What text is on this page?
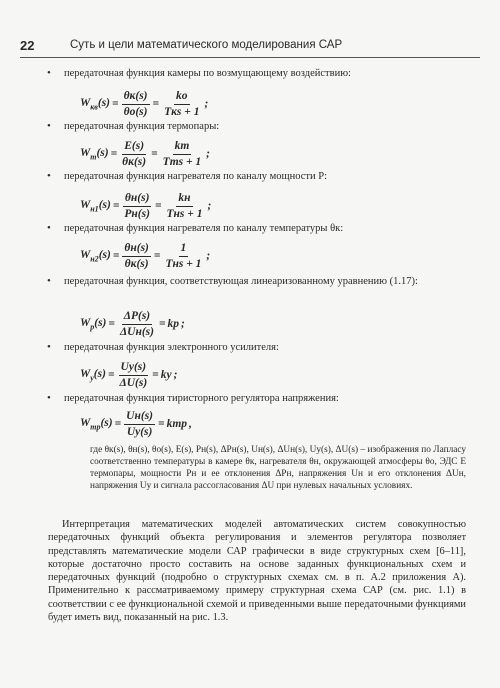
22	Суть и цели математического моделирования САР
• передаточная функция камеры по возмущающему воздействию:
$W_{кв}(s) = \frac{\theta к(s)}{\theta о(s)} = \frac{kо}{\text{Tкs + 1}}$ ;
• передаточная функция термопары:
$W_т(s) = \frac{E(s)}{\theta к(s)} = \frac{kт}{\text{Tтs + 1}}$ ;
• передаточная функция нагревателя по каналу мощности P:
$W_{н1}(s) = \frac{\theta н(s)}{Pн(s)} = \frac{kн}{\text{Tнs + 1}}$ ;
• передаточная функция нагревателя по каналу температуры θк:
$W_{н2}(s) = \frac{\theta н(s)}{\theta к(s)} = \frac{1}{\text{Tнs + 1}}$ ;
• передаточная функция, соответствующая линеаризованному уравнению (1.17):
$W_р(s) = \frac{\Delta P(s)}{\text{ΔUн(s)}}$ = kр ;
• передаточная функция электронного усилителя:
$W_у(s) = \frac{Uу(s)}{\Delta U(s)}$ = kу ;
• передаточная функция тиристорного регулятора напряжения:
$W_{тр}(s) = \frac{Uн(s)}{Uу(s)}$ = kтр ,
где θк(s), θн(s), θо(s), E(s), Pн(s), ΔPн(s), Uн(s), ΔUн(s), Uу(s), ΔU(s) – изображения по Лапласу соответственно температуры в камере θк, нагревателя θн, окружающей атмосферы θо, ЭДС E термопары, мощности Pн и ее отклонения ΔPн, напряжения Uн и его отклонения ΔUн, напряжения Uу и сигнала рассогласования ΔU при нулевых начальных условиях.
Интерпретация математических моделей автоматических систем совокупностью передаточных функций объекта регулирования и элементов регулятора позволяет представлять математические модели САР графически в виде структурных схем [6–11], которые достаточно просто составить на основе заданных функциональных схем и передаточных функций (подробно о структурных схемах см. в п. А.2 приложения А). Применительно к рассматриваемому примеру структурная схема САР (см. рис. 1.1) в соответствии с ее функциональной схемой и приведенными выше передаточными функциями будет иметь вид, показанный на рис. 1.3.
